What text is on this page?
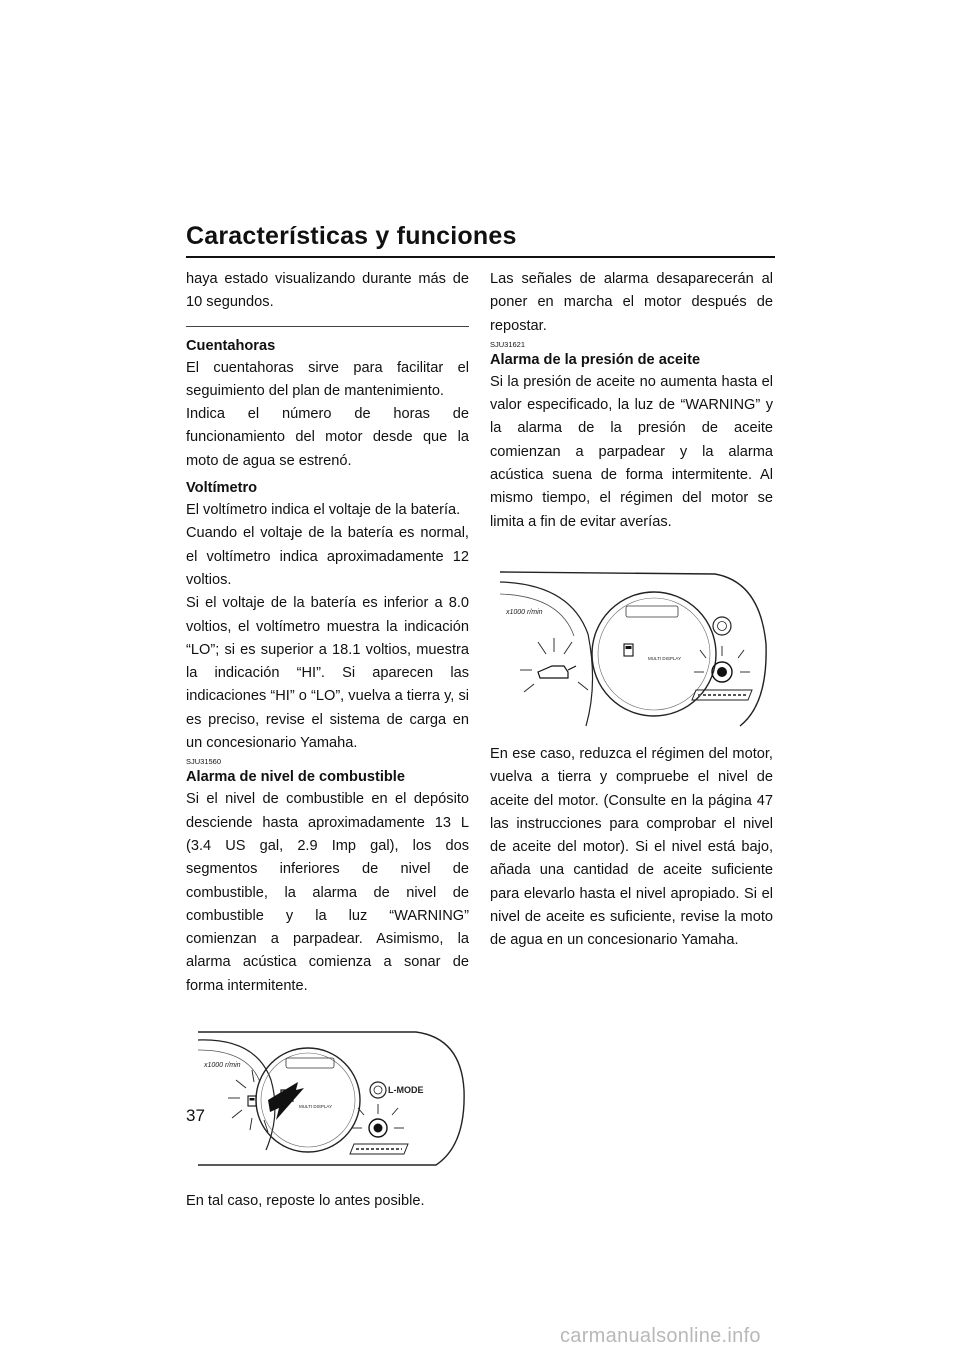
Características y funciones

haya estado visualizando durante más de 10 segundos.

Cuentahoras

El cuentahoras sirve para facilitar el seguimiento del plan de mantenimiento.

Indica el número de horas de funcionamiento del motor desde que la moto de agua se estrenó.

Voltímetro

El voltímetro indica el voltaje de la batería.

Cuando el voltaje de la batería es normal, el voltímetro indica aproximadamente 12 voltios.

Si el voltaje de la batería es inferior a 8.0 voltios, el voltímetro muestra la indicación “LO”; si es superior a 18.1 voltios, muestra la indicación “HI”. Si aparecen las indicaciones “HI” o “LO”, vuelva a tierra y, si es preciso, revise el sistema de carga en un concesionario Yamaha.

SJU31560

Alarma de nivel de combustible

Si el nivel de combustible en el depósito desciende hasta aproximadamente 13 L (3.4 US gal, 2.9 Imp gal), los dos segmentos inferiores de nivel de combustible, la alarma de nivel de combustible y la luz “WARNING” comienzan a parpadear. Asimismo, la alarma acústica comienza a sonar de forma intermitente.

x1000 r/min
MULTI DISPLAY
L-MODE

En tal caso, reposte lo antes posible.

Las señales de alarma desaparecerán al poner en marcha el motor después de repostar.

SJU31621

Alarma de la presión de aceite

Si la presión de aceite no aumenta hasta el valor especificado, la luz de “WARNING” y la alarma de la presión de aceite comienzan a parpadear y la alarma acústica suena de forma intermitente. Al mismo tiempo, el régimen del motor se limita a fin de evitar averías.

x1000 r/min
MULTI DISPLAY

En ese caso, reduzca el régimen del motor, vuelva a tierra y compruebe el nivel de aceite del motor. (Consulte en la página 47 las instrucciones para comprobar el nivel de aceite del motor). Si el nivel está bajo, añada una cantidad de aceite suficiente para elevarlo hasta el nivel apropiado. Si el nivel de aceite es suficiente, revise la moto de agua en un concesionario Yamaha.

37
carmanualsonline.info
